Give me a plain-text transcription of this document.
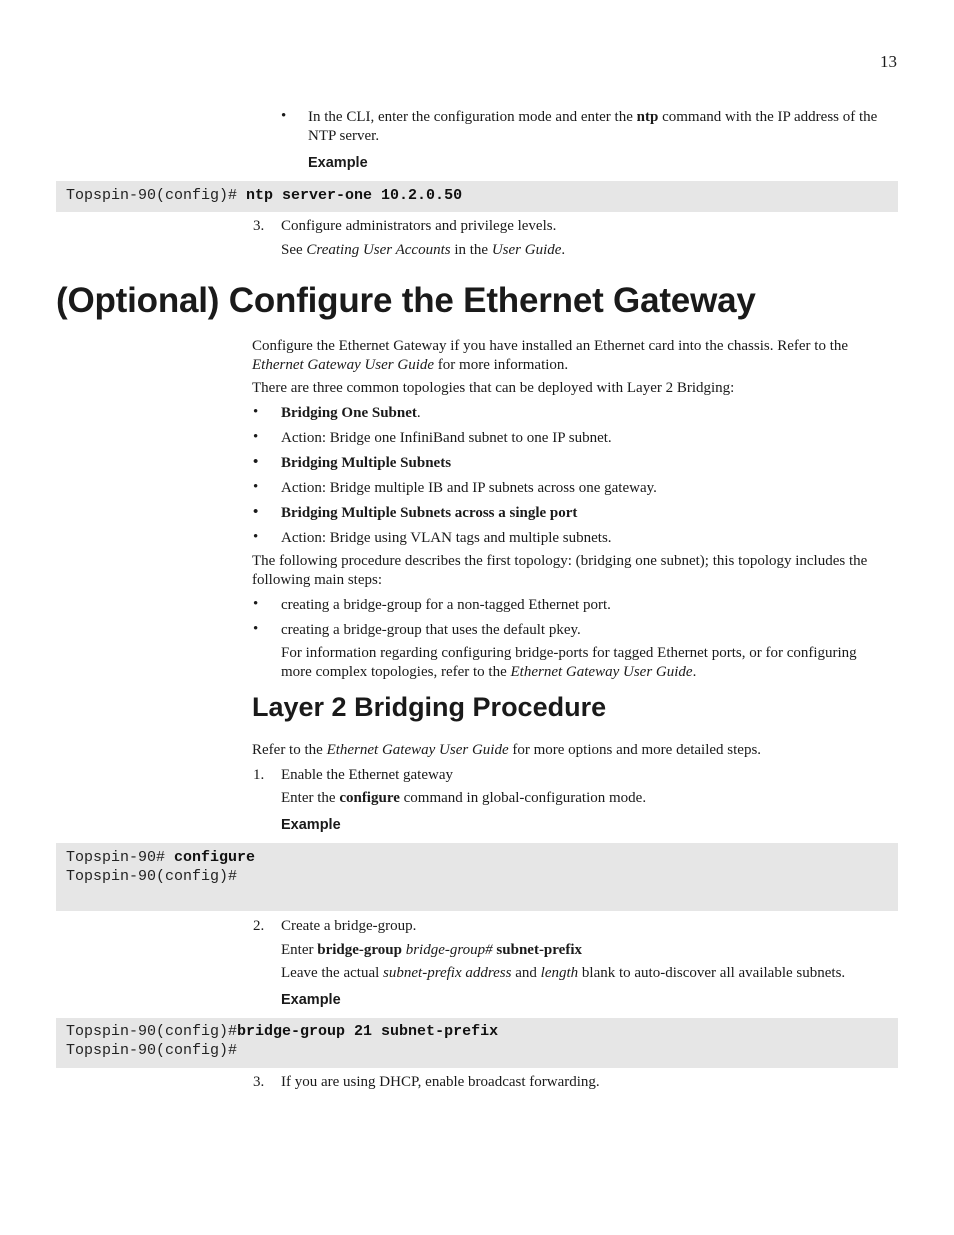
13
• In the CLI, enter the configuration mode and enter the ntp command with the IP address of the
NTP server.
Example
Topspin-90(config)# ntp server-one 10.2.0.50
3. Configure administrators and privilege levels.
See Creating User Accounts in the User Guide.
(Optional) Configure the Ethernet Gateway
Configure the Ethernet Gateway if you have installed an Ethernet card into the chassis. Refer to the
Ethernet Gateway User Guide for more information.
There are three common topologies that can be deployed with Layer 2 Bridging:
• Bridging One Subnet.
• Action: Bridge one InfiniBand subnet to one IP subnet.
• Bridging Multiple Subnets
• Action: Bridge multiple IB and IP subnets across one gateway.
• Bridging Multiple Subnets across a single port
• Action: Bridge using VLAN tags and multiple subnets.
The following procedure describes the first topology: (bridging one subnet); this topology includes the
following main steps:
• creating a bridge-group for a non-tagged Ethernet port.
• creating a bridge-group that uses the default pkey.
For information regarding configuring bridge-ports for tagged Ethernet ports, or for configuring
more complex topologies, refer to the Ethernet Gateway User Guide.
Layer 2 Bridging Procedure
Refer to the Ethernet Gateway User Guide for more options and more detailed steps.
1. Enable the Ethernet gateway
Enter the configure command in global-configuration mode.
Example
Topspin-90# configure
Topspin-90(config)#
2. Create a bridge-group.
Enter bridge-group bridge-group# subnet-prefix
Leave the actual subnet-prefix address and length blank to auto-discover all available subnets.
Example
Topspin-90(config)#bridge-group 21 subnet-prefix
Topspin-90(config)#
3. If you are using DHCP, enable broadcast forwarding.
